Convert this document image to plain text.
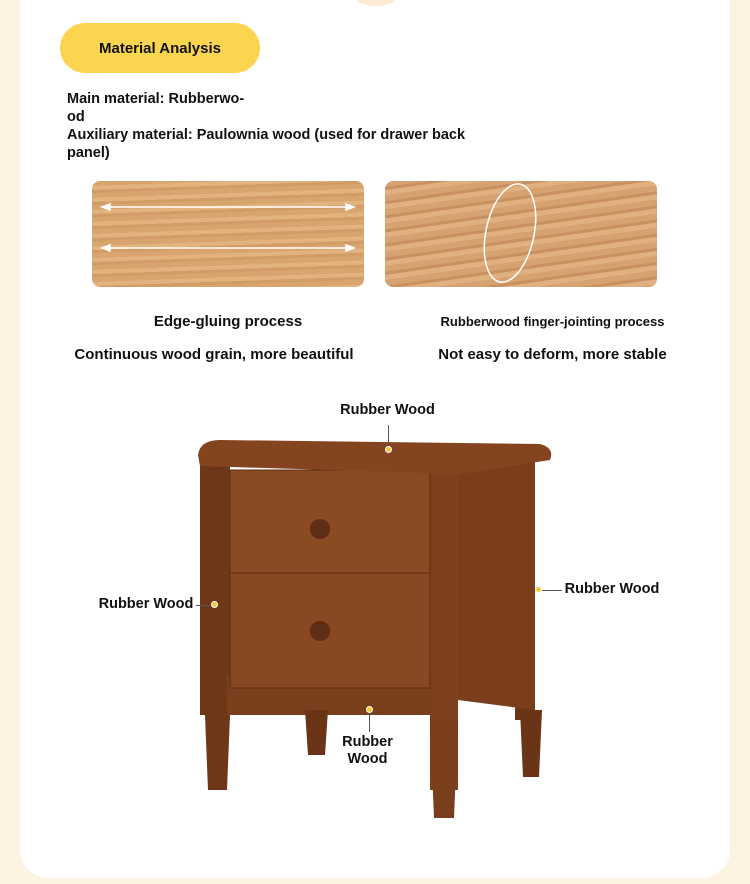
Material Analysis
Main material: Rubberwo-
od
Auxiliary material: Paulownia wood (used for drawer back
panel)
Edge-gluing process
Continuous wood grain, more beautiful
Rubberwood finger-jointing process
Not easy to deform, more stable
Rubber Wood
Rubber Wood
Rubber Wood
Rubber
Wood
